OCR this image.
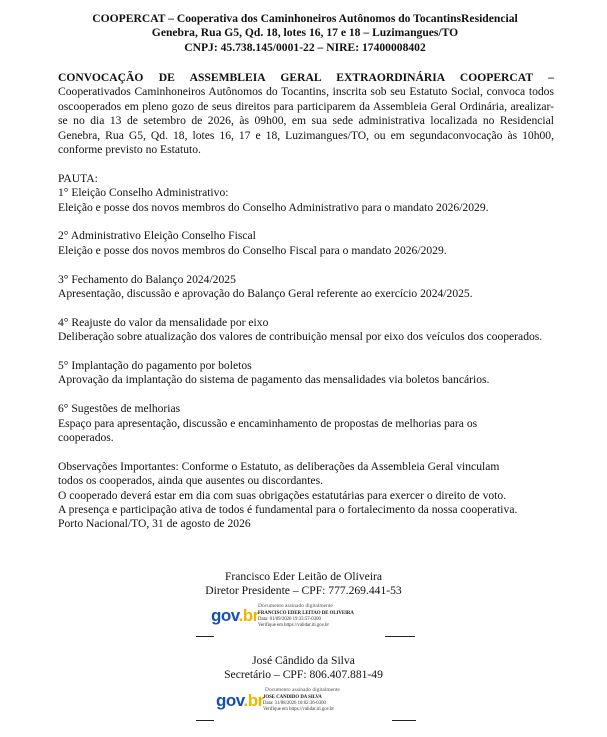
COOPERCAT – Cooperativa dos Caminhoneiros Autônomos do TocantinsResidencial
Genebra, Rua G5, Qd. 18, lotes 16, 17 e 18 – Luzimangues/TO
CNPJ: 45.738.145/0001-22 – NIRE: 17400008402

CONVOCAÇÃO DE ASSEMBLEIA GERAL EXTRAORDINÁRIA COOPERCAT – Cooperativados Caminhoneiros Autônomos do Tocantins, inscrita sob seu Estatuto Social, convoca todos oscooperados em pleno gozo de seus direitos para participarem da Assembleia Geral Ordinária, arealizar-se no dia 13 de setembro de 2026, às 09h00, em sua sede administrativa localizada no Residencial Genebra, Rua G5, Qd. 18, lotes 16, 17 e 18, Luzimangues/TO, ou em segundaconvocação às 10h00, conforme previsto no Estatuto.

PAUTA:

1° Eleição Conselho Administrativo:

Eleição e posse dos novos membros do Conselho Administrativo para o mandato 2026/2029.

2° Administrativo Eleição Conselho Fiscal

Eleição e posse dos novos membros do Conselho Fiscal para o mandato 2026/2029.

3° Fechamento do Balanço 2024/2025

Apresentação, discussão e aprovação do Balanço Geral referente ao exercício 2024/2025.

4° Reajuste do valor da mensalidade por eixo

Deliberação sobre atualização dos valores de contribuição mensal por eixo dos veículos dos cooperados.

5° Implantação do pagamento por boletos

Aprovação da implantação do sistema de pagamento das mensalidades via boletos bancários.

6° Sugestões de melhorias

Espaço para apresentação, discussão e encaminhamento de propostas de melhorias para os cooperados.

Observações Importantes: Conforme o Estatuto, as deliberações da Assembleia Geral vinculam

todos os cooperados, ainda que ausentes ou discordantes.

O cooperado deverá estar em dia com suas obrigações estatutárias para exercer o direito de voto.

A presença e participação ativa de todos é fundamental para o fortalecimento da nossa cooperativa.

Porto Nacional/TO, 31 de agosto de 2026

Francisco Eder Leitão de Oliveira
Diretor Presidente – CPF: 777.269.441-53
gov.br Documento assinado digitalmente
FRANCISCO EDER LEITAO DE OLIVEIRA
Data: 01/09/2026 19:33:57-0300
Verifique em https://validar.iti.gov.br
José Cândido da Silva
Secretário – CPF: 806.407.881-49
gov.br
Documento assinado digitalmente
JOSE CANDIDO DA SILVA
Data: 31/08/2026 10:02:36-0300
Verifique em https://validar.iti.gov.br
